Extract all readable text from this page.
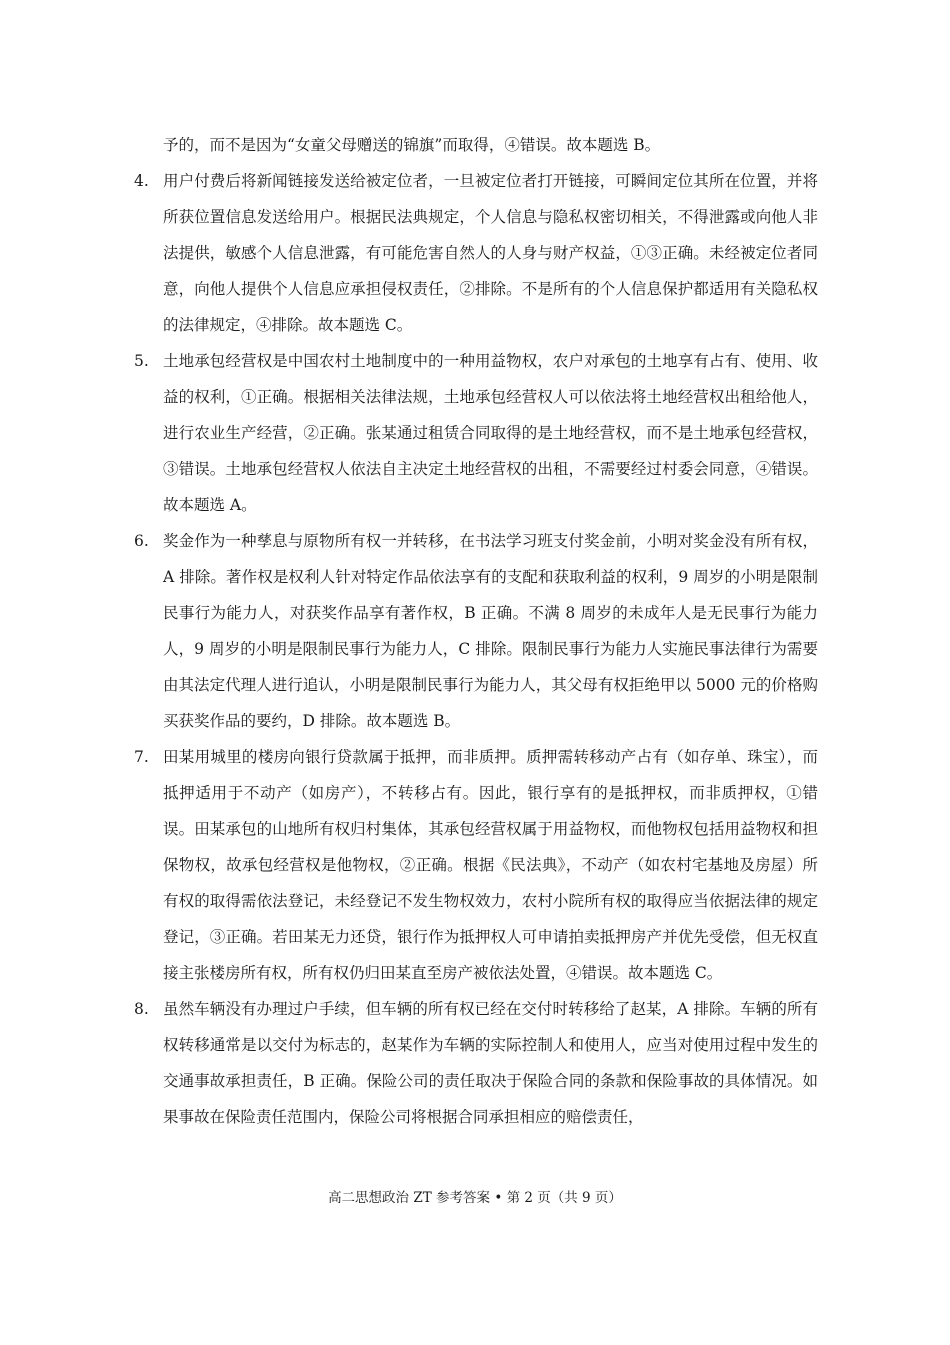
予的，而不是因为“女童父母赠送的锦旗”而取得，④错误。故本题选 B。
4. 用户付费后将新闻链接发送给被定位者，一旦被定位者打开链接，可瞬间定位其所在位置，并将所获位置信息发送给用户。根据民法典规定，个人信息与隐私权密切相关，不得泄露或向他人非法提供，敏感个人信息泄露，有可能危害自然人的人身与财产权益，①③正确。未经被定位者同意，向他人提供个人信息应承担侵权责任，②排除。不是所有的个人信息保护都适用有关隐私权的法律规定，④排除。故本题选 C。
5. 土地承包经营权是中国农村土地制度中的一种用益物权，农户对承包的土地享有占有、使用、收益的权利，①正确。根据相关法律法规，土地承包经营权人可以依法将土地经营权出租给他人，进行农业生产经营，②正确。张某通过租赁合同取得的是土地经营权，而不是土地承包经营权，③错误。土地承包经营权人依法自主决定土地经营权的出租，不需要经过村委会同意，④错误。故本题选 A。
6. 奖金作为一种孳息与原物所有权一并转移，在书法学习班支付奖金前，小明对奖金没有所有权，A 排除。著作权是权利人针对特定作品依法享有的支配和获取利益的权利，9 周岁的小明是限制民事行为能力人，对获奖作品享有著作权，B 正确。不满 8 周岁的未成年人是无民事行为能力人，9 周岁的小明是限制民事行为能力人，C 排除。限制民事行为能力人实施民事法律行为需要由其法定代理人进行追认，小明是限制民事行为能力人，其父母有权拒绝甲以 5000 元的价格购买获奖作品的要约，D 排除。故本题选 B。
7. 田某用城里的楼房向银行贷款属于抵押，而非质押。质押需转移动产占有（如存单、珠宝），而抵押适用于不动产（如房产），不转移占有。因此，银行享有的是抵押权，而非质押权，①错误。田某承包的山地所有权归村集体，其承包经营权属于用益物权，而他物权包括用益物权和担保物权，故承包经营权是他物权，②正确。根据《民法典》，不动产（如农村宅基地及房屋）所有权的取得需依法登记，未经登记不发生物权效力，农村小院所有权的取得应当依据法律的规定登记，③正确。若田某无力还贷，银行作为抵押权人可申请拍卖抵押房产并优先受偿，但无权直接主张楼房所有权，所有权仍归田某直至房产被依法处置，④错误。故本题选 C。
8. 虽然车辆没有办理过户手续，但车辆的所有权已经在交付时转移给了赵某，A 排除。车辆的所有权转移通常是以交付为标志的，赵某作为车辆的实际控制人和使用人，应当对使用过程中发生的交通事故承担责任，B 正确。保险公司的责任取决于保险合同的条款和保险事故的具体情况。如果事故在保险责任范围内，保险公司将根据合同承担相应的赔偿责任，
高二思想政治 ZT 参考答案 • 第 2 页（共 9 页）
